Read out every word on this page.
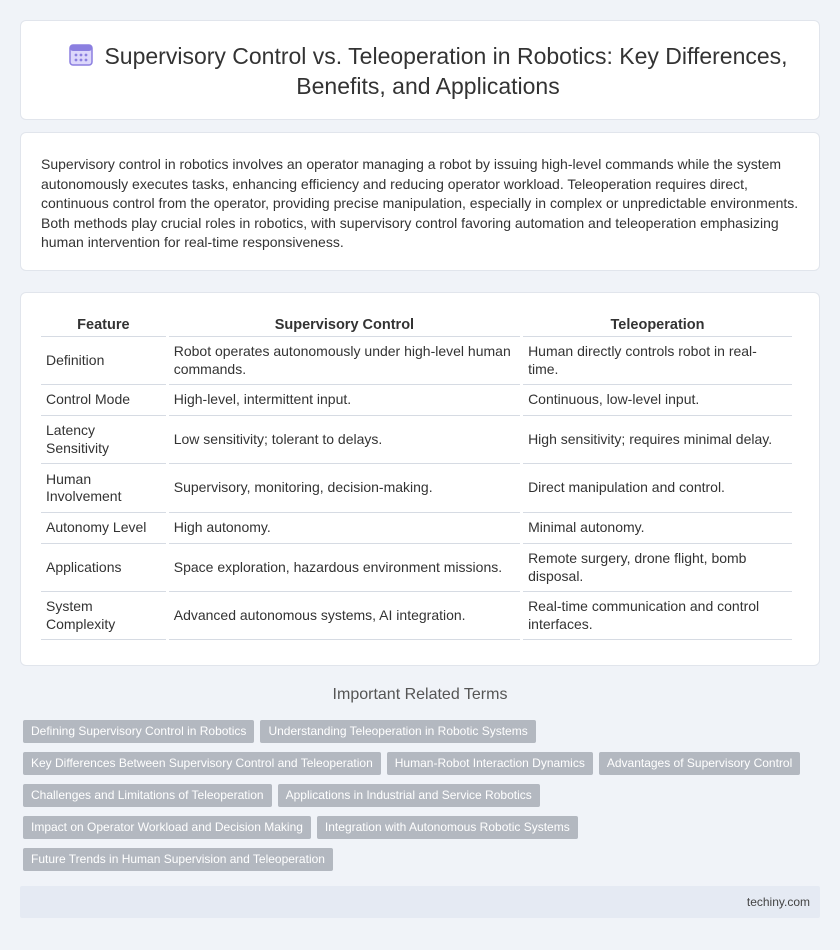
Supervisory Control vs. Teleoperation in Robotics: Key Differences, Benefits, and Applications

Supervisory control in robotics involves an operator managing a robot by issuing high-level commands while the system autonomously executes tasks, enhancing efficiency and reducing operator workload. Teleoperation requires direct, continuous control from the operator, providing precise manipulation, especially in complex or unpredictable environments. Both methods play crucial roles in robotics, with supervisory control favoring automation and teleoperation emphasizing human intervention for real-time responsiveness.

Feature	Supervisory Control	Teleoperation
Definition	Robot operates autonomously under high-level human commands.	Human directly controls robot in real-time.
Control Mode	High-level, intermittent input.	Continuous, low-level input.
Latency Sensitivity	Low sensitivity; tolerant to delays.	High sensitivity; requires minimal delay.
Human Involvement	Supervisory, monitoring, decision-making.	Direct manipulation and control.
Autonomy Level	High autonomy.	Minimal autonomy.
Applications	Space exploration, hazardous environment missions.	Remote surgery, drone flight, bomb disposal.
System Complexity	Advanced autonomous systems, AI integration.	Real-time communication and control interfaces.
Important Related Terms
Defining Supervisory Control in Robotics Understanding Teleoperation in Robotic Systems
Key Differences Between Supervisory Control and Teleoperation Human-Robot Interaction Dynamics Advantages of Supervisory Control
Challenges and Limitations of Teleoperation Applications in Industrial and Service Robotics
Impact on Operator Workload and Decision Making Integration with Autonomous Robotic Systems
Future Trends in Human Supervision and Teleoperation
techiny.com
